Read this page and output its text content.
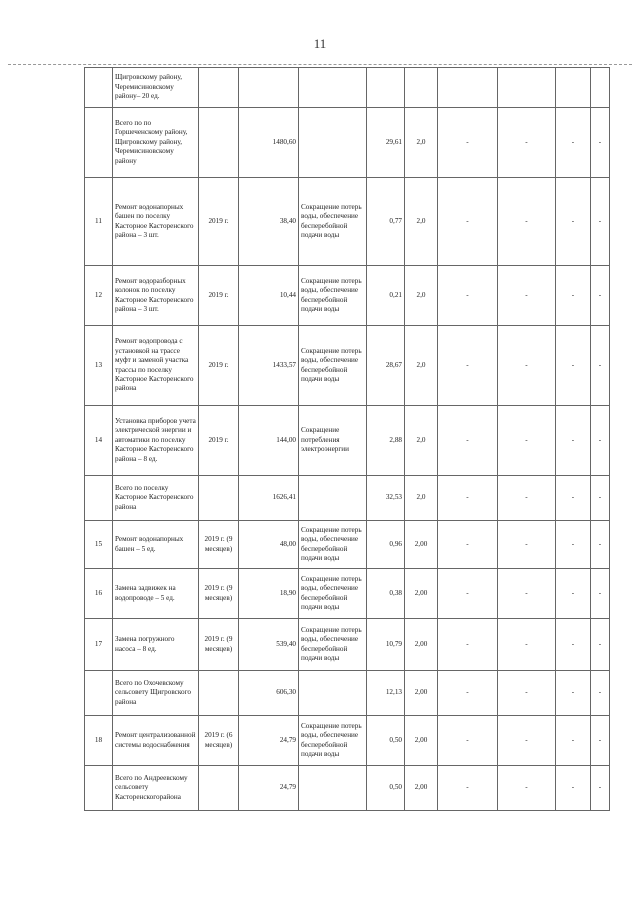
11
	Щигровскому району, Черемисиновскому району– 20 ед.									
	Всего по по Горшеченскому району, Щигровскому району, Черемисиновскому району		1480,60		29,61	2,0	-	-	-	-
11	Ремонт водонапорных башен по поселку Касторное Касторенского района – 3 шт.	2019 г.	38,40	Сокращение потерь воды, обеспечение бесперебойной подачи воды	0,77	2,0	-	-	-	-
12	Ремонт водоразборных колонок по поселку Касторное Касторенского района – 3 шт.	2019 г.	10,44	Сокращение потерь воды, обеспечение бесперебойной подачи воды	0,21	2,0	-	-	-	-
13	Ремонт водопровода с установкой на трассе муфт и заменой участка трассы по поселку Касторное Касторенского района	2019 г.	1433,57	Сокращение потерь воды, обеспечение бесперебойной подачи воды	28,67	2,0	-	-	-	-
14	Установка приборов учета электрической энергии и автоматики по поселку Касторное Касторенского района – 8 ед.	2019 г.	144,00	Сокращение потребления электроэнергии	2,88	2,0	-	-	-	-
	Всего по поселку Касторное Касторенского района		1626,41		32,53	2,0	-	-	-	-
15	Ремонт водонапорных башен – 5 ед.	2019 г. (9 месяцев)	48,00	Сокращение потерь воды, обеспечение бесперебойной подачи воды	0,96	2,00	-	-	-	-
16	Замена задвижек на водопроводе – 5 ед.	2019 г. (9 месяцев)	18,90	Сокращение потерь воды, обеспечение бесперебойной подачи воды	0,38	2,00	-	-	-	-
17	Замена погружного насоса – 8 ед.	2019 г. (9 месяцев)	539,40	Сокращение потерь воды, обеспечение бесперебойной подачи воды	10,79	2,00	-	-	-	-
	Всего по Охочевскому сельсовету Щигровского района		606,30		12,13	2,00	-	-	-	-
18	Ремонт централизованной системы водоснабжения	2019 г. (6 месяцев)	24,79	Сокращение потерь воды, обеспечение бесперебойной подачи воды	0,50	2,00	-	-	-	-
	Всего по Андреевскому сельсовету Касторенскогорайона		24,79		0,50	2,00	-	-	-	-
